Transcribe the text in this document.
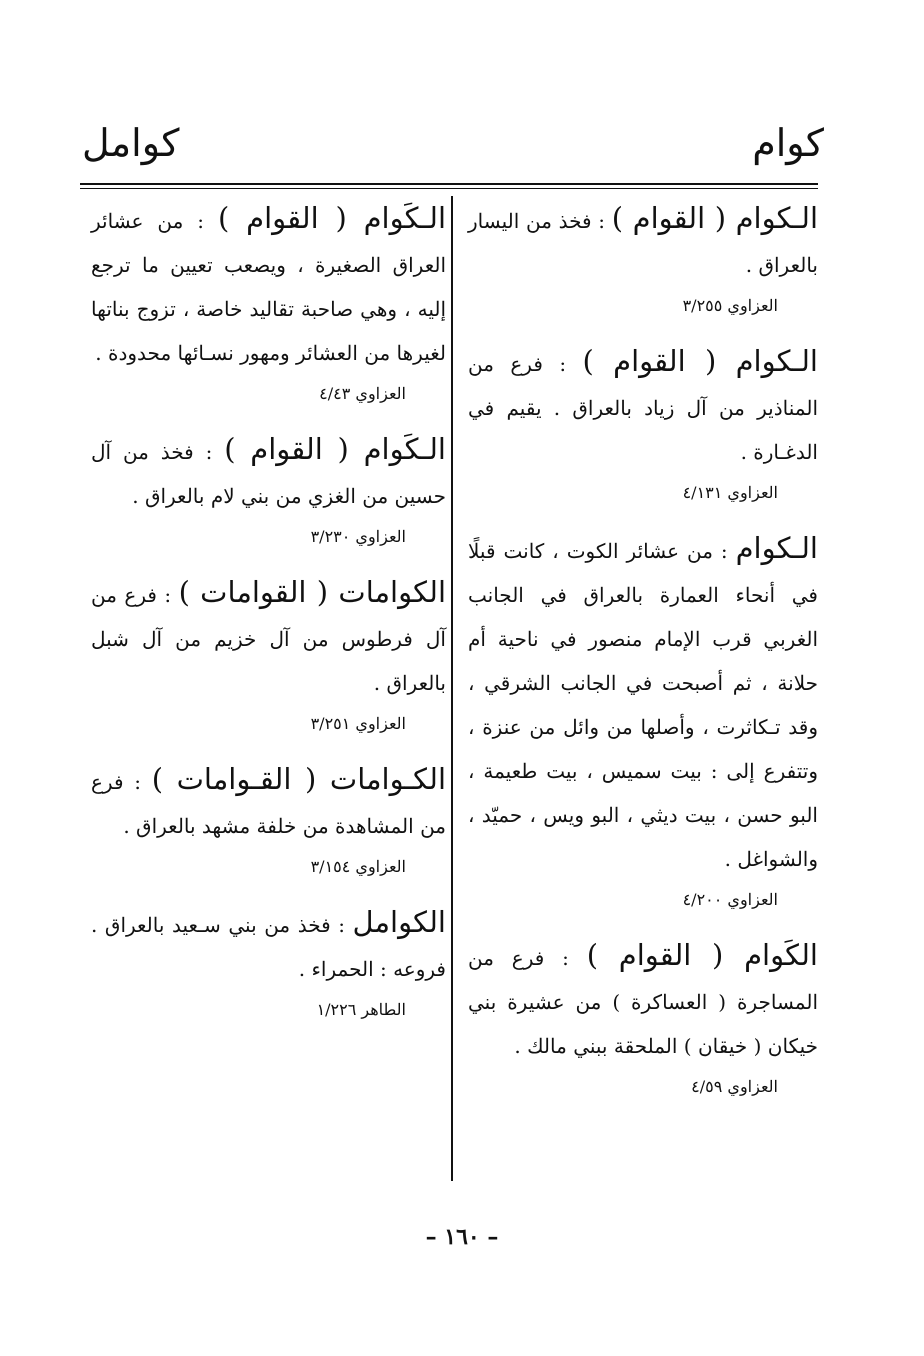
كوام
كوامل

الـكوام ( القوام ) : فخذ من اليسار بالعراق .

العزاوي ٣/٢٥٥

الـكوام ( القوام ) : فرع من المناذير من آل زياد بالعراق . يقيم في الدغـارة .

العزاوي ٤/١٣١

الـكوام : من عشائر الكوت ، كانت قبلًا في أنحاء العمارة بالعراق في الجانب الغربي قرب الإمام منصور في ناحية أم حلانة ، ثم أصبحت في الجانب الشرقي ، وقد تـكاثرت ، وأصلها من وائل من عنزة ، وتتفرع إلى : بيت سميس ، بيت طعيمة ، البو حسن ، بيت ديثي ، البو ويس ، حميّد ، والشواغل .

العزاوي ٤/٢٠٠

الكَوام ( القوام ) : فرع من المساجرة ( العساكرة ) من عشيرة بني خيكان ( خيقان ) الملحقة ببني مالك .

العزاوي ٤/٥٩

الـكَوام ( القوام ) : من عشائر العراق الصغيرة ، ويصعب تعيين ما ترجع إليه ، وهي صاحبة تقاليد خاصة ، تزوج بناتها لغيرها من العشائر ومهور نسـائها محدودة .

العزاوي ٤/٤٣

الـكَوام ( القوام ) : فخذ من آل حسين من الغزي من بني لام بالعراق .

العزاوي ٣/٢٣٠

الكوامات ( القوامات ) : فرع من آل فرطوس من آل خزيم من آل شبل بالعراق .

العزاوي ٣/٢٥١

الكـوامات ( القـوامات ) : فرع من المشاهدة من خلفة مشهد بالعراق .

العزاوي ٣/١٥٤

الكوامل : فخذ من بني سـعيد بالعراق . فروعه : الحمراء .

الطاهر ١/٢٢٦
– ١٦٠ –
